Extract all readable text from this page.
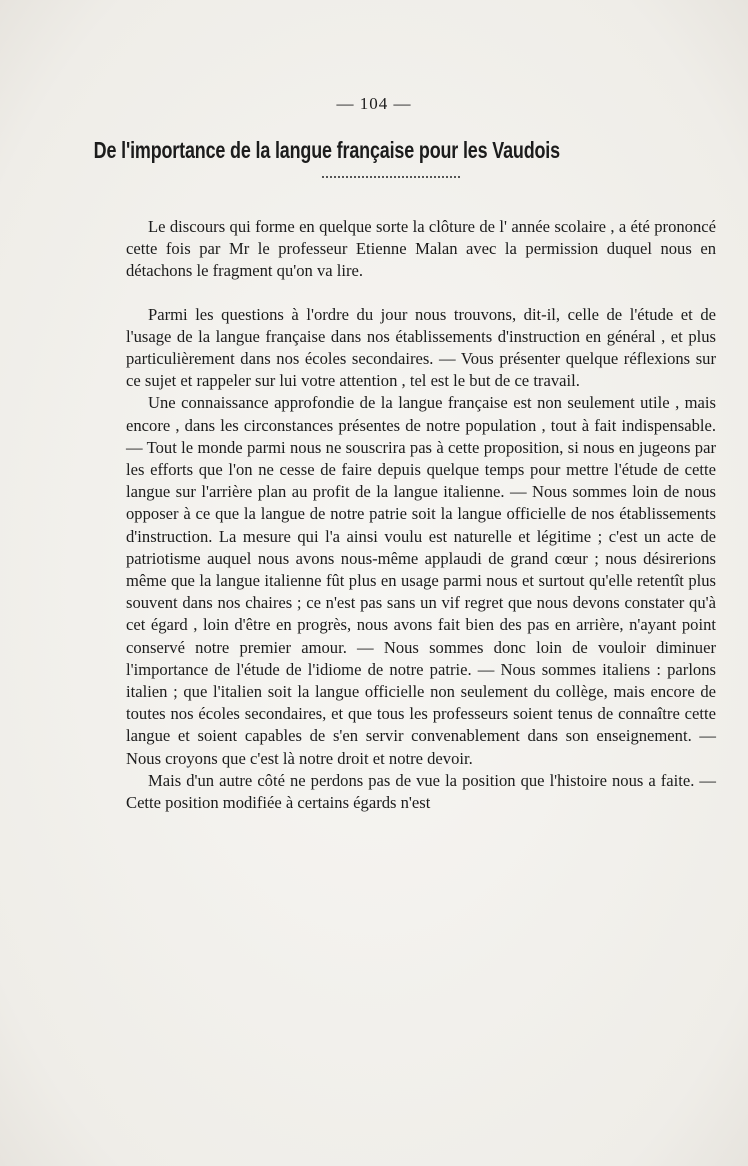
— 104 —
De l'importance de la langue française pour les Vaudois

Le discours qui forme en quelque sorte la clôture de l' année scolaire , a été prononcé cette fois par Mr le professeur Etienne Malan avec la permission duquel nous en détachons le fragment qu'on va lire.

Parmi les questions à l'ordre du jour nous trouvons, dit-il, celle de l'étude et de l'usage de la langue française dans nos établissements d'instruction en général , et plus particulièrement dans nos écoles secondaires. — Vous présenter quelque réflexions sur ce sujet et rappeler sur lui votre attention , tel est le but de ce travail.

Une connaissance approfondie de la langue française est non seulement utile , mais encore , dans les circonstances présentes de notre population , tout à fait indispensable. — Tout le monde parmi nous ne souscrira pas à cette proposition, si nous en jugeons par les efforts que l'on ne cesse de faire depuis quelque temps pour mettre l'étude de cette langue sur l'arrière plan au profit de la langue italienne. — Nous sommes loin de nous opposer à ce que la langue de notre patrie soit la langue officielle de nos établissements d'instruction. La mesure qui l'a ainsi voulu est naturelle et légitime ; c'est un acte de patriotisme auquel nous avons nous-même applaudi de grand cœur ; nous désirerions même que la langue italienne fût plus en usage parmi nous et surtout qu'elle retentît plus souvent dans nos chaires ; ce n'est pas sans un vif regret que nous devons constater qu'à cet égard , loin d'être en progrès, nous avons fait bien des pas en arrière, n'ayant point conservé notre premier amour. — Nous sommes donc loin de vouloir diminuer l'importance de l'étude de l'idiome de notre patrie. — Nous sommes italiens : parlons italien ; que l'italien soit la langue officielle non seulement du collège, mais encore de toutes nos écoles secondaires, et que tous les professeurs soient tenus de connaître cette langue et soient capables de s'en servir convenablement dans son enseignement. — Nous croyons que c'est là notre droit et notre devoir.

Mais d'un autre côté ne perdons pas de vue la position que l'histoire nous a faite. — Cette position modifiée à certains égards n'est
